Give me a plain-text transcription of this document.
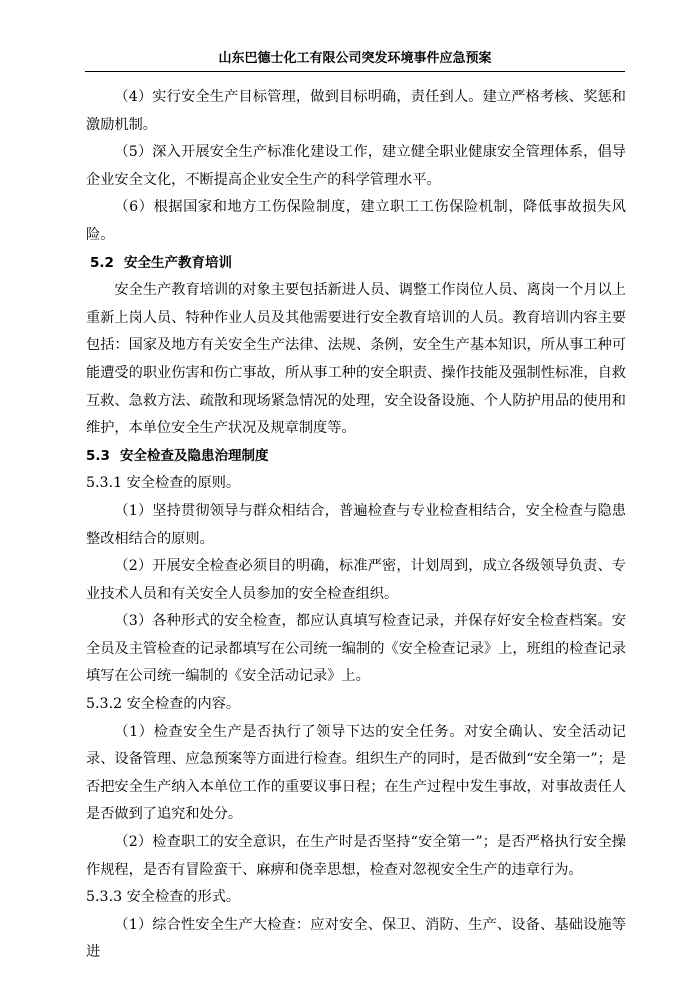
山东巴德士化工有限公司突发环境事件应急预案

（4）实行安全生产目标管理，做到目标明确，责任到人。建立严格考核、奖惩和激励机制。

（5）深入开展安全生产标准化建设工作，建立健全职业健康安全管理体系，倡导企业安全文化，不断提高企业安全生产的科学管理水平。

（6）根据国家和地方工伤保险制度，建立职工工伤保险机制，降低事故损失风险。

5.2 安全生产教育培训

安全生产教育培训的对象主要包括新进人员、调整工作岗位人员、离岗一个月以上重新上岗人员、特种作业人员及其他需要进行安全教育培训的人员。教育培训内容主要包括：国家及地方有关安全生产法律、法规、条例，安全生产基本知识，所从事工种可能遭受的职业伤害和伤亡事故，所从事工种的安全职责、操作技能及强制性标准，自救互救、急救方法、疏散和现场紧急情况的处理，安全设备设施、个人防护用品的使用和维护，本单位安全生产状况及规章制度等。

5.3 安全检查及隐患治理制度

5.3.1 安全检查的原则。

（1）坚持贯彻领导与群众相结合，普遍检查与专业检查相结合，安全检查与隐患整改相结合的原则。

（2）开展安全检查必须目的明确，标准严密，计划周到，成立各级领导负责、专业技术人员和有关安全人员参加的安全检查组织。

（3）各种形式的安全检查，都应认真填写检查记录，并保存好安全检查档案。安全员及主管检查的记录都填写在公司统一编制的《安全检查记录》上，班组的检查记录填写在公司统一编制的《安全活动记录》上。

5.3.2 安全检查的内容。

（1）检查安全生产是否执行了领导下达的安全任务。对安全确认、安全活动记录、设备管理、应急预案等方面进行检查。组织生产的同时，是否做到“安全第一”；是否把安全生产纳入本单位工作的重要议事日程；在生产过程中发生事故，对事故责任人是否做到了追究和处分。

（2）检查职工的安全意识，在生产时是否坚持“安全第一”；是否严格执行安全操作规程，是否有冒险蛮干、麻痹和侥幸思想，检查对忽视安全生产的违章行为。

5.3.3 安全检查的形式。

（1）综合性安全生产大检查：应对安全、保卫、消防、生产、设备、基础设施等进
